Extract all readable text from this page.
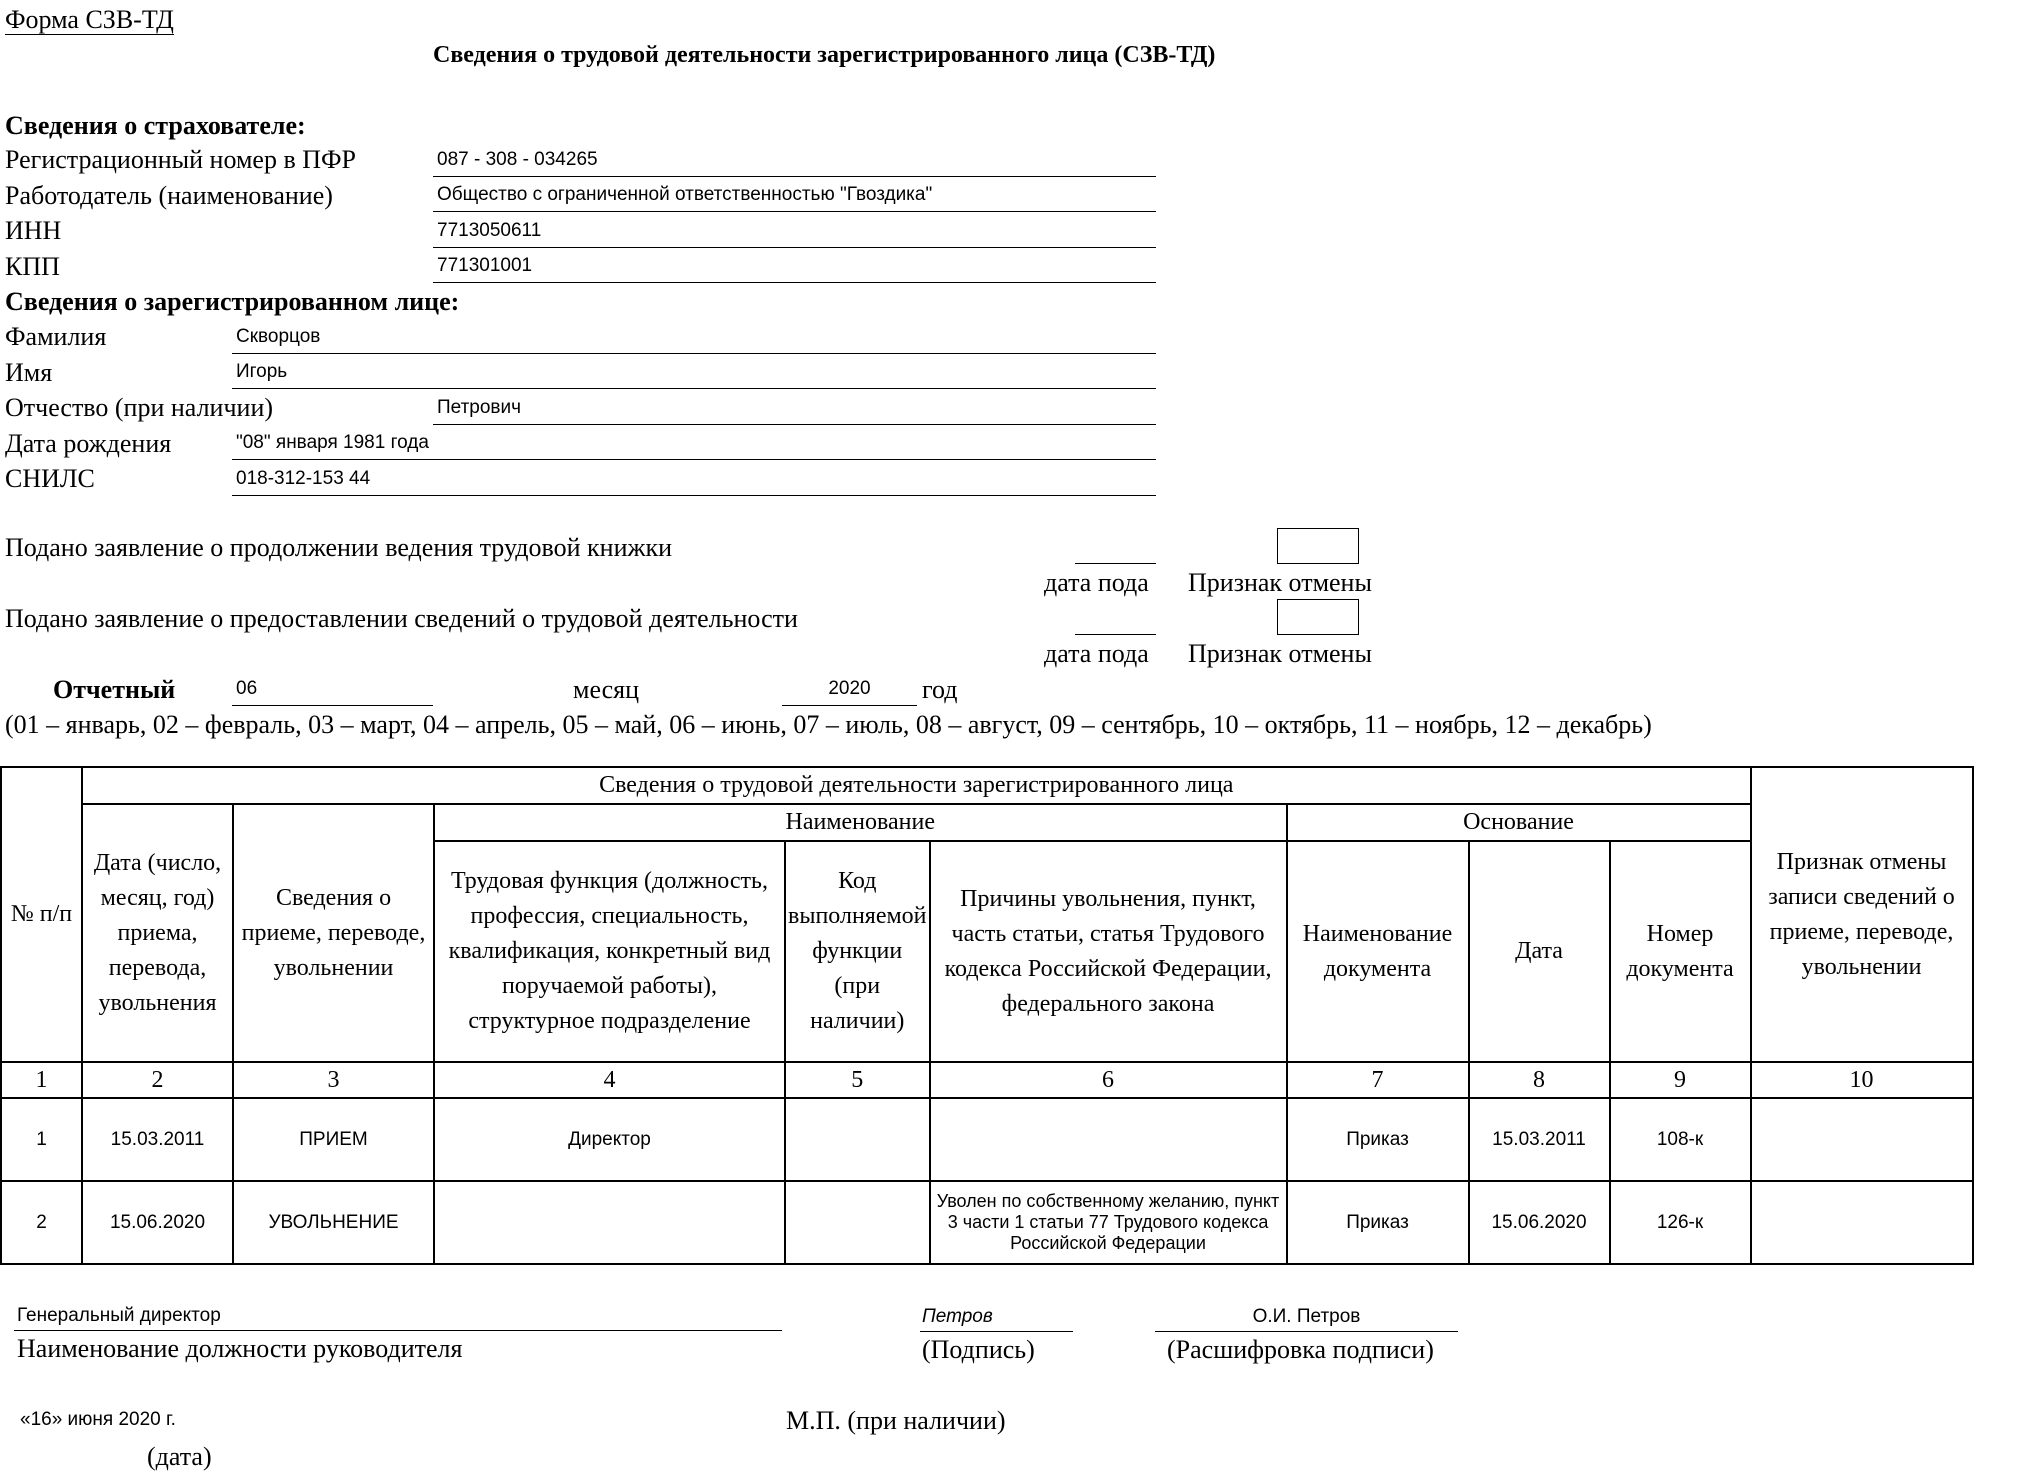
Форма СЗВ-ТД
Сведения о трудовой деятельности зарегистрированного лица (СЗВ-ТД)
Сведения о страхователе:
Регистрационный номер в ПФР	087 - 308 - 034265
Работодатель (наименование)	Общество с ограниченной ответственностью "Гвоздика"
ИНН	7713050611
КПП	771301001
Сведения о зарегистрированном лице:
Фамилия	Скворцов
Имя	Игорь
Отчество (при наличии)	Петрович
Дата рождения	"08" января 1981 года
СНИЛС	018-312-153 44
Подано заявление о продолжении ведения трудовой книжки
дата пода Признак отмены
Подано заявление о предоставлении сведений о трудовой деятельности
дата пода Признак отмены
Отчетный	06	месяц	2020	год
(01 – январь, 02 – февраль, 03 – март, 04 – апрель, 05 – май, 06 – июнь, 07 – июль, 08 – август, 09 – сентябрь, 10 – октябрь, 11 – ноябрь, 12 – декабрь)
№ п/п	Сведения о трудовой деятельности зарегистрированного лица								Признак отмены записи сведений о приеме, переводе, увольнении
	Дата (число, месяц, год) приема, перевода, увольнения	Сведения о приеме, переводе, увольнении	Наименование			Основание			
			Трудовая функция (должность, профессия, специальность, квалификация, конкретный вид поручаемой работы), структурное подразделение	Код выполняемой функции (при наличии)	Причины увольнения, пункт, часть статьи, статья Трудового кодекса Российской Федерации, федерального закона	Наименование документа	Дата	Номер документа	
1	2	3	4	5	6	7	8	9	10
1	15.03.2011	ПРИЕМ	Директор			Приказ	15.03.2011	108-к	
2	15.06.2020	УВОЛЬНЕНИЕ			Уволен по собственному желанию, пункт 3 части 1 статьи 77 Трудового кодекса Российской Федерации	Приказ	15.06.2020	126-к	
Генеральный директор
Наименование должности руководителя
Петров
(Подпись)
О.И. Петров
(Расшифровка подписи)
«16» июня 2020 г.
(дата)
М.П. (при наличии)
